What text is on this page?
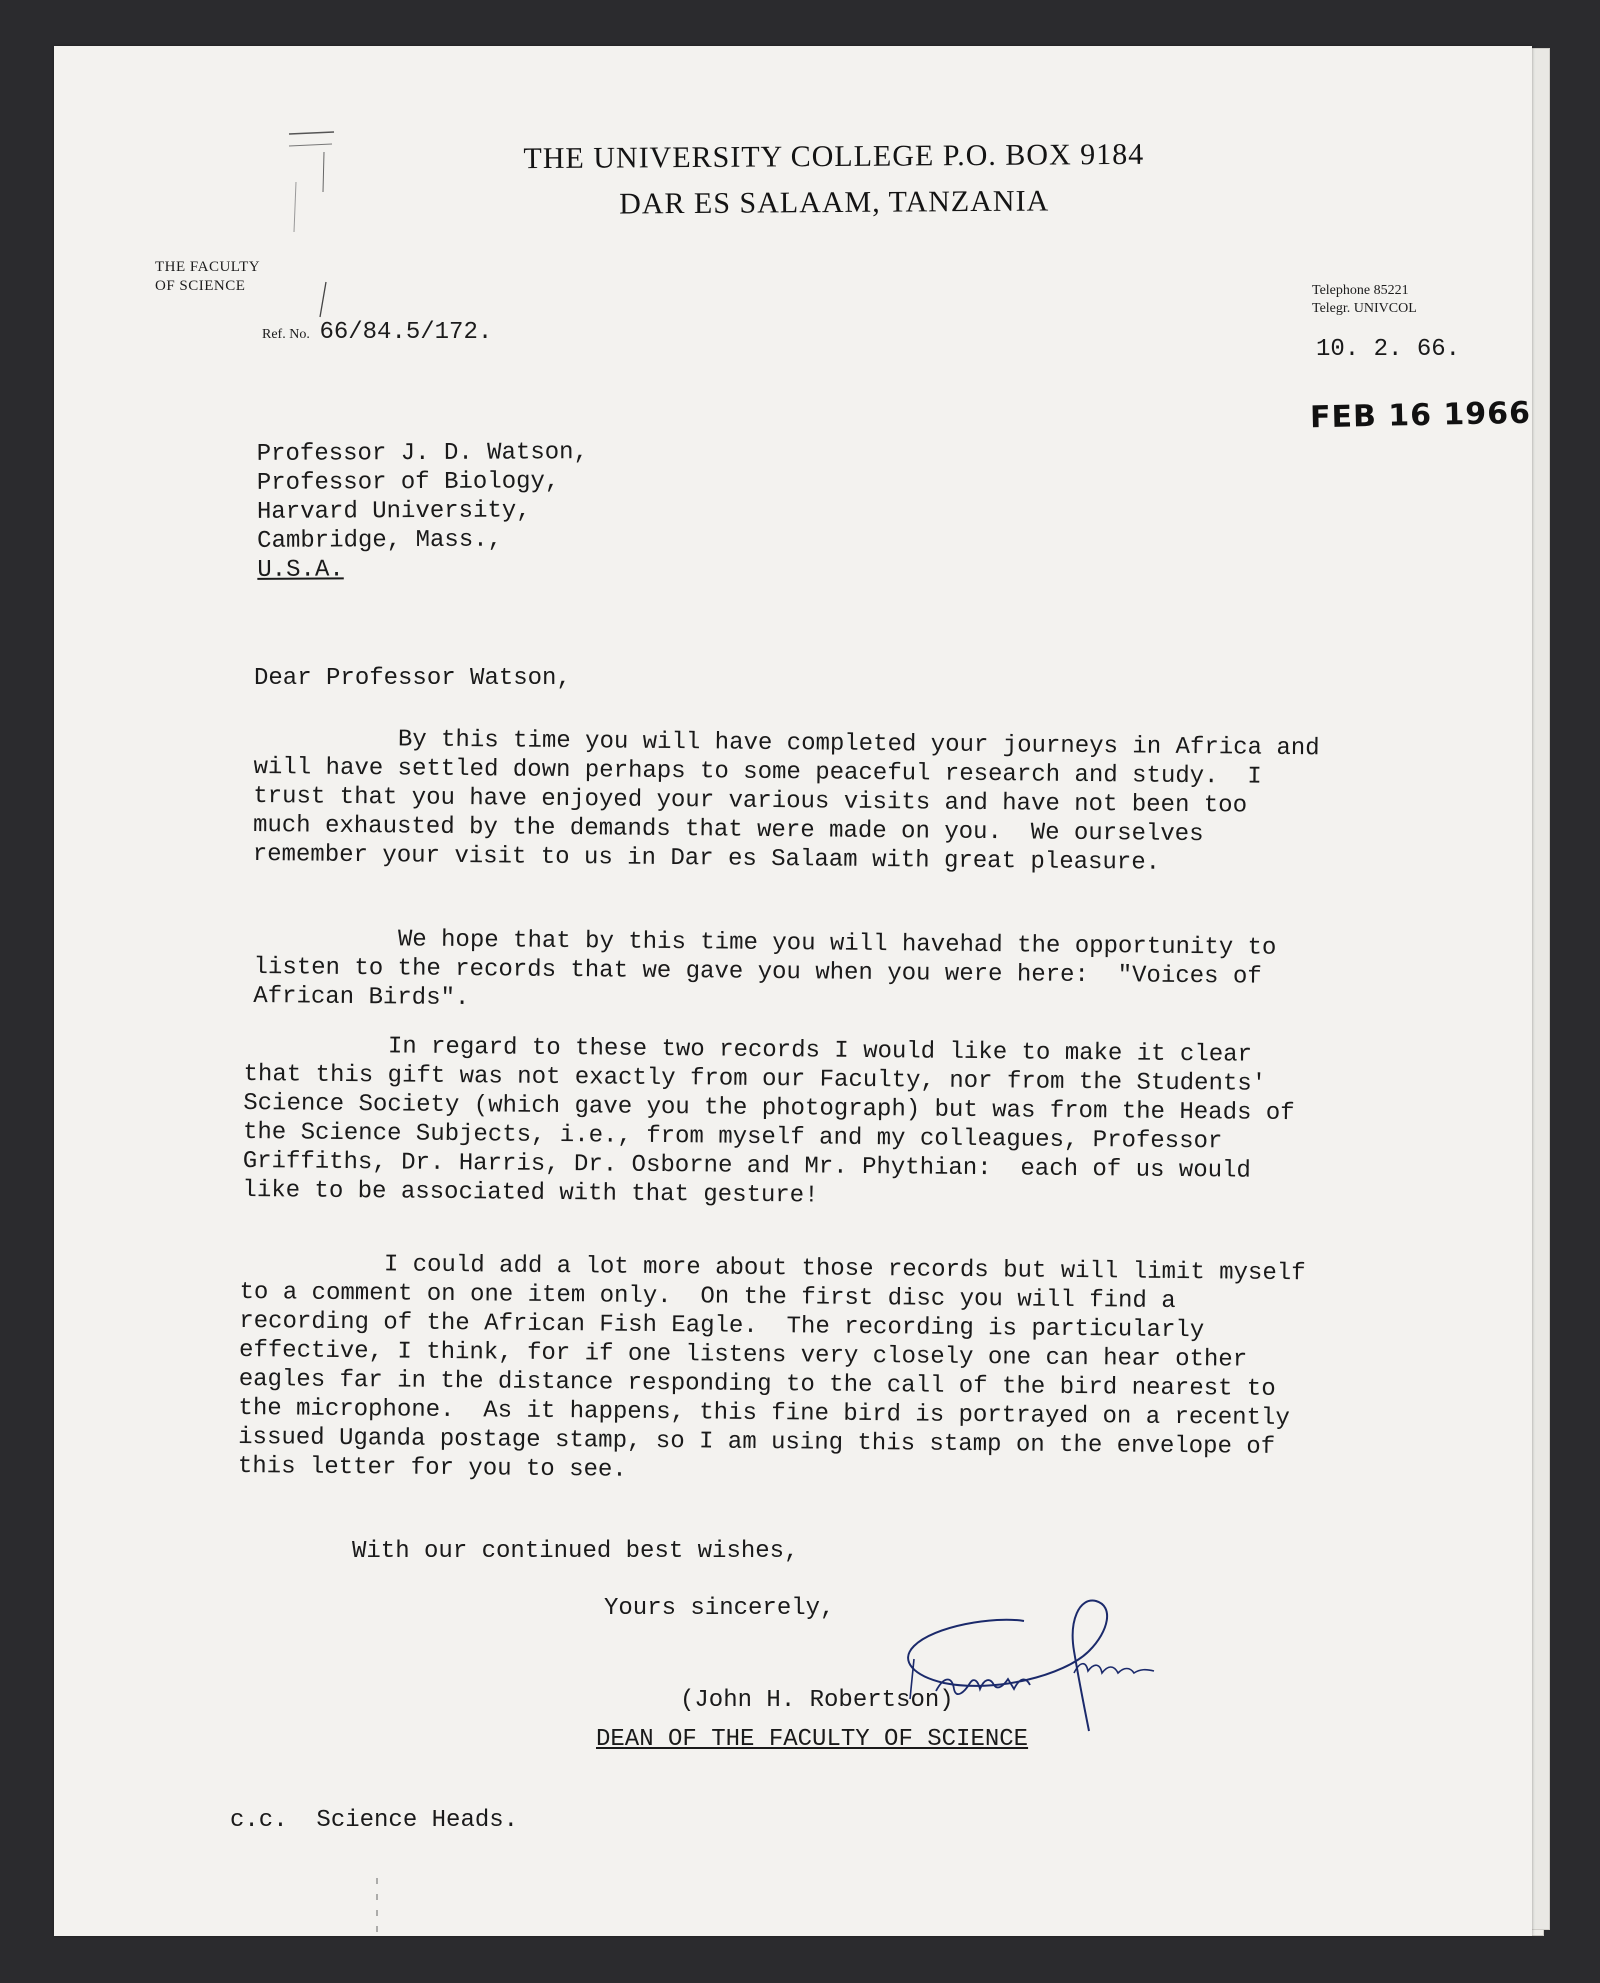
THE UNIVERSITY COLLEGE P.O. BOX 9184
DAR ES SALAAM, TANZANIA
THE FACULTY
OF SCIENCE	Telephone 85221
Telegr. UNIVCOL
Ref. No. 66/84.5/172.
10. 2. 66.
FEB 16 1966
Professor J. D. Watson,
Professor of Biology,
Harvard University,
Cambridge, Mass.,
U.S.A.
Dear Professor Watson,
By this time you will have completed your journeys in Africa and
will have settled down perhaps to some peaceful research and study.  I
trust that you have enjoyed your various visits and have not been too
much exhausted by the demands that were made on you.  We ourselves
remember your visit to us in Dar es Salaam with great pleasure.
We hope that by this time you will havehad the opportunity to
listen to the records that we gave you when you were here:  "Voices of
African Birds".
In regard to these two records I would like to make it clear
that this gift was not exactly from our Faculty, nor from the Students'
Science Society (which gave you the photograph) but was from the Heads of
the Science Subjects, i.e., from myself and my colleagues, Professor
Griffiths, Dr. Harris, Dr. Osborne and Mr. Phythian:  each of us would
like to be associated with that gesture!
I could add a lot more about those records but will limit myself
to a comment on one item only.  On the first disc you will find a
recording of the African Fish Eagle.  The recording is particularly
effective, I think, for if one listens very closely one can hear other
eagles far in the distance responding to the call of the bird nearest to
the microphone.  As it happens, this fine bird is portrayed on a recently
issued Uganda postage stamp, so I am using this stamp on the envelope of
this letter for you to see.
With our continued best wishes,
Yours sincerely,
(John H. Robertson)
DEAN OF THE FACULTY OF SCIENCE
c.c.  Science Heads.
